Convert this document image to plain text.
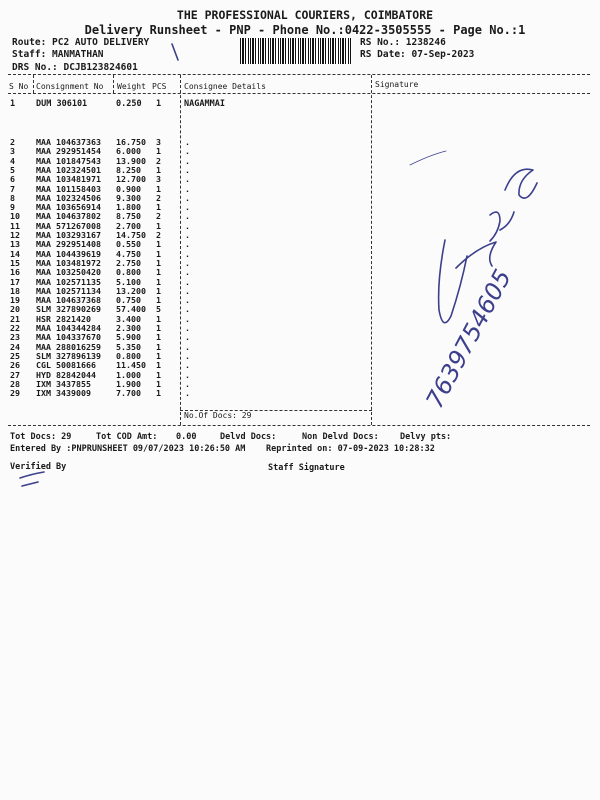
THE PROFESSIONAL COURIERS, COIMBATORE
Delivery Runsheet - PNP - Phone No.:0422-3505555 - Page No.:1
Route: PC2 AUTO DELIVERY
Staff: MANMATHAN
DRS No.: DCJB123824601
RS No.: 1238246
RS Date: 07-Sep-2023
S No Consignment No Weight PCS Consignee Details	Signature
1 DUM 306101	0.250 1	NAGAMMAI
2	MAA 104637363 16.750 3	.
3	MAA 292951454 6.000 1	.
4	MAA 101847543 13.900 2	.
5	MAA 102324501 8.250 1	.
6	MAA 103481971 12.700 3	.
7	MAA 101158403 0.900 1	.
8	MAA 102324506 9.300 2	.
9	MAA 103656914 1.800 1	.
10 MAA 104637802 8.750 2	.
11 MAA 571267008 2.700 1	.
12 MAA 103293167 14.750 2	.
13 MAA 292951408 0.550 1	.
14 MAA 104439619 4.750 1	.
15 MAA 103481972 2.750 1	.
16 MAA 103250420 0.800 1	.
17 MAA 102571135 5.100 1	.
18 MAA 102571134 13.200 1	.
19 MAA 104637368 0.750 1	.
20 SLM 327890269 57.400 5	.
21 HSR 2821420	3.400 1	.
22 MAA 104344284 2.300 1	.
23 MAA 104337670 5.900 1	.
24 MAA 288016259 5.350 1	.
25 SLM 327896139 0.800 1	.
26 CGL 50081666 11.450 1	.
27 HYD 82842044 1.000 1	.
28 IXM 3437855	1.900 1	.
29 IXM 3439009	7.700 1	.
No.Of Docs: 29
Tot Docs: 29	Tot COD Amt: 0.00	Delvd Docs:	Non Delvd Docs: Delvy pts:
Entered By :PNPRUNSHEET 09/07/2023 10:26:50 AM Reprinted on: 07-09-2023 10:28:32
Verified By	Staff Signature
7639754605
